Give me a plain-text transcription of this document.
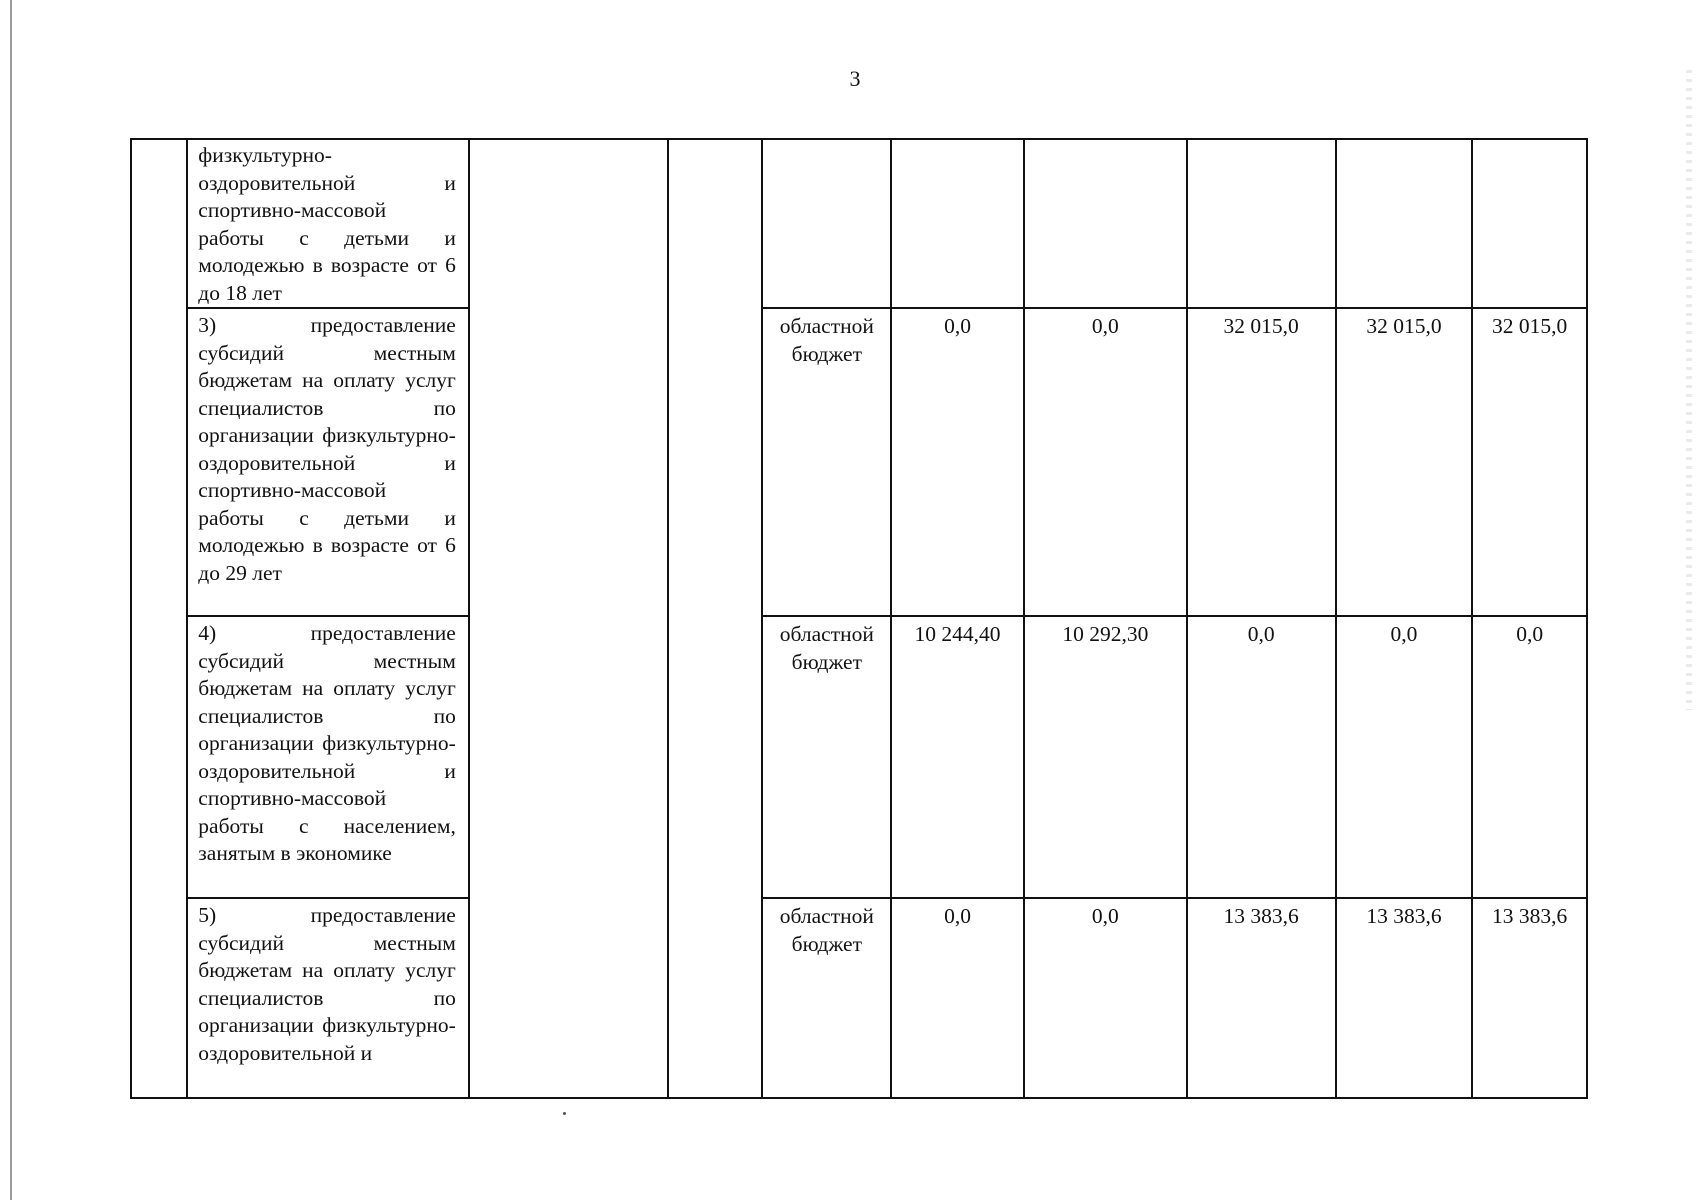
3
	физкультурно-оздоровительной и спортивно-массовой работы с детьми и молодежью в возрасте от 6 до 18 лет								
	3) предоставление субсидий местным бюджетам на оплату услуг специалистов по организации физкультурно-оздоровительной и спортивно-массовой работы с детьми и молодежью в возрасте от 6 до 29 лет			областной бюджет	0,0	0,0	32 015,0	32 015,0	32 015,0
	4) предоставление субсидий местным бюджетам на оплату услуг специалистов по организации физкультурно-оздоровительной и спортивно-массовой работы с населением, занятым в экономике			областной бюджет	10 244,40	10 292,30	0,0	0,0	0,0
	5) предоставление субсидий местным бюджетам на оплату услуг специалистов по организации физкультурно-оздоровительной и			областной бюджет	0,0	0,0	13 383,6	13 383,6	13 383,6
